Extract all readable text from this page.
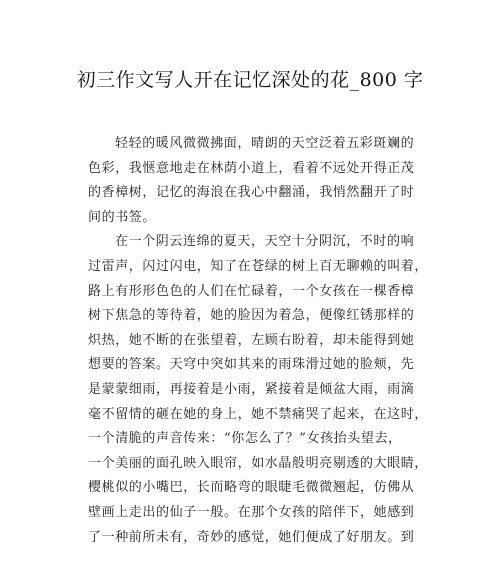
初三作文写人开在记忆深处的花_800 字
轻轻的暖风微微拂面，晴朗的天空泛着五彩斑斓的
色彩，我惬意地走在林荫小道上，看着不远处开得正茂
的香樟树，记忆的海浪在我心中翻涌，我悄然翻开了时
间的书签。
在一个阴云连绵的夏天，天空十分阴沉，不时的响
过雷声，闪过闪电，知了在苍绿的树上百无聊赖的叫着，
路上有形形色色的人们在忙碌着，一个女孩在一棵香樟
树下焦急的等待着，她的脸因为着急，便像红锈那样的
炽热，她不断的在张望着，左顾右盼着，却未能得到她
想要的答案。天穹中突如其来的雨珠滑过她的脸颊，先
是蒙蒙细雨，再接着是小雨，紧接着是倾盆大雨，雨滴
毫不留情的砸在她的身上，她不禁痛哭了起来，在这时，
一个清脆的声音传来：“你怎么了？”女孩抬头望去，
一个美丽的面孔映入眼帘，如水晶般明亮剔透的大眼睛，
樱桃似的小嘴巴，长而略弯的眼睫毛微微翘起，仿佛从
壁画上走出的仙子一般。在那个女孩的陪伴下，她感到
了一种前所未有，奇妙的感觉，她们便成了好朋友。到
